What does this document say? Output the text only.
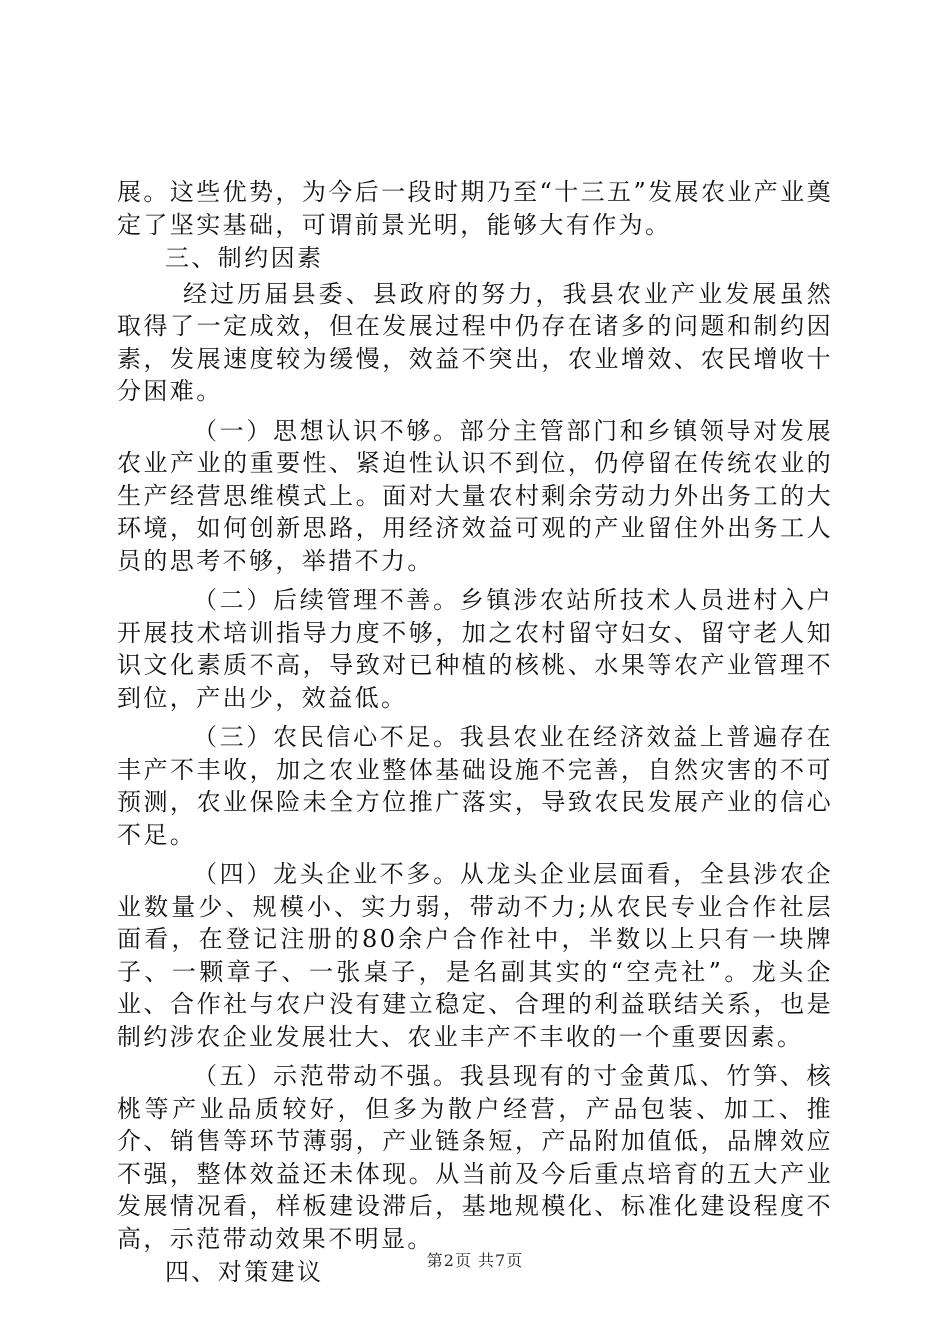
展。这些优势，为今后一段时期乃至“十三五”发展农业产业奠定了坚实基础，可谓前景光明，能够大有作为。

三、制约因素

经过历届县委、县政府的努力，我县农业产业发展虽然取得了一定成效，但在发展过程中仍存在诸多的问题和制约因素，发展速度较为缓慢，效益不突出，农业增效、农民增收十分困难。

（一）思想认识不够。部分主管部门和乡镇领导对发展农业产业的重要性、紧迫性认识不到位，仍停留在传统农业的生产经营思维模式上。面对大量农村剩余劳动力外出务工的大环境，如何创新思路，用经济效益可观的产业留住外出务工人员的思考不够，举措不力。

（二）后续管理不善。乡镇涉农站所技术人员进村入户开展技术培训指导力度不够，加之农村留守妇女、留守老人知识文化素质不高，导致对已种植的核桃、水果等农产业管理不到位，产出少，效益低。

（三）农民信心不足。我县农业在经济效益上普遍存在丰产不丰收，加之农业整体基础设施不完善，自然灾害的不可预测，农业保险未全方位推广落实，导致农民发展产业的信心不足。

（四）龙头企业不多。从龙头企业层面看，全县涉农企业数量少、规模小、实力弱，带动不力;从农民专业合作社层面看，在登记注册的80余户合作社中，半数以上只有一块牌子、一颗章子、一张桌子，是名副其实的“空壳社”。龙头企业、合作社与农户没有建立稳定、合理的利益联结关系，也是制约涉农企业发展壮大、农业丰产不丰收的一个重要因素。

（五）示范带动不强。我县现有的寸金黄瓜、竹笋、核桃等产业品质较好，但多为散户经营，产品包装、加工、推介、销售等环节薄弱，产业链条短，产品附加值低，品牌效应不强，整体效益还未体现。从当前及今后重点培育的五大产业发展情况看，样板建设滞后，基地规模化、标准化建设程度不高，示范带动效果不明显。

四、对策建议	第2页 共7页
